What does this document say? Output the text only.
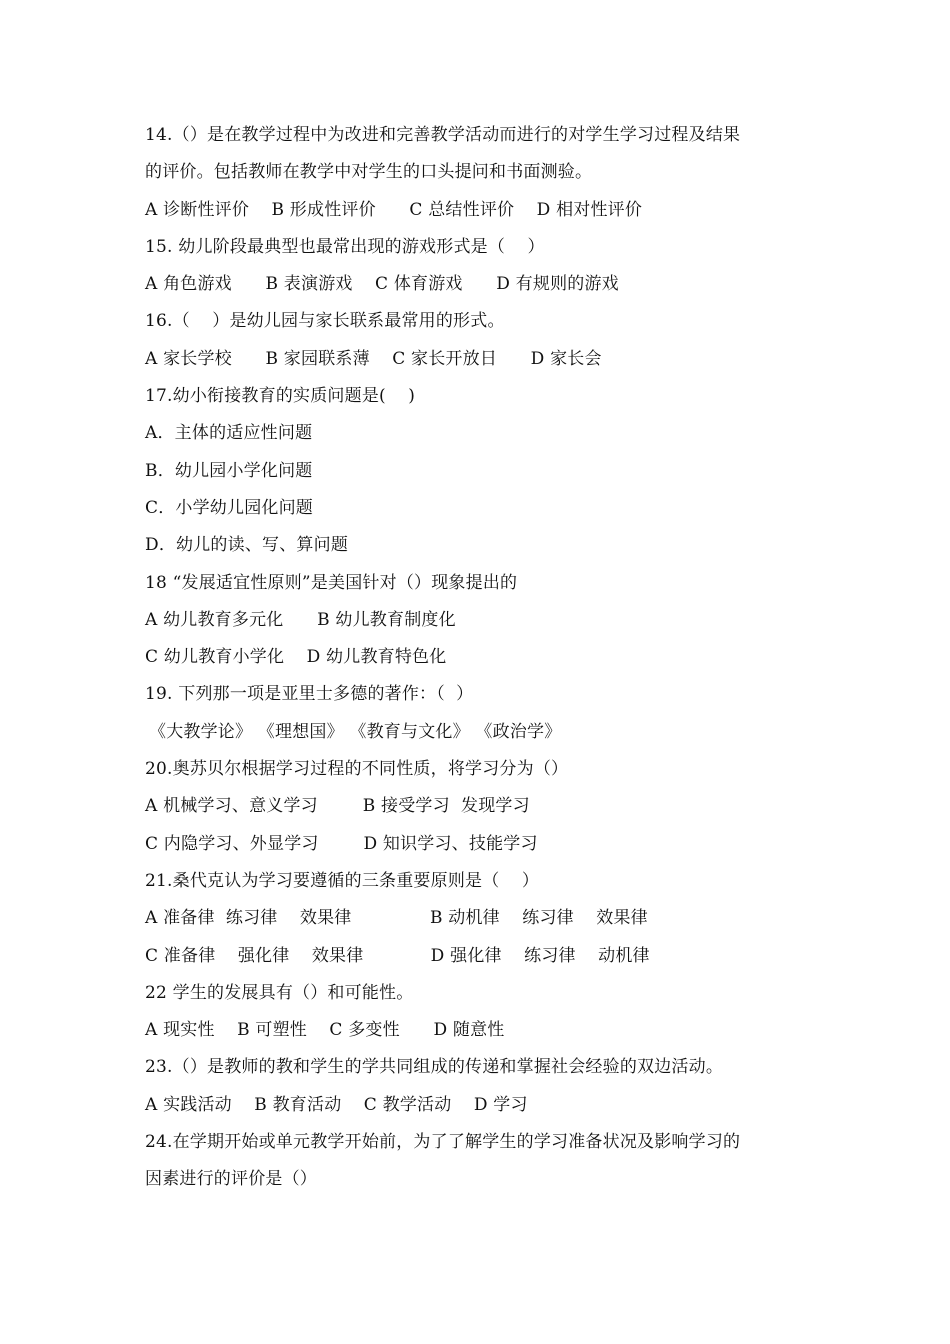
14.（）是在教学过程中为改进和完善教学活动而进行的对学生学习过程及结果
的评价。包括教师在教学中对学生的口头提问和书面测验。
A 诊断性评价    B 形成性评价      C 总结性评价    D 相对性评价
15. 幼儿阶段最典型也最常出现的游戏形式是（    ）
A 角色游戏      B 表演游戏    C 体育游戏      D 有规则的游戏
16.（    ）是幼儿园与家长联系最常用的形式。
A 家长学校      B 家园联系薄    C 家长开放日      D 家长会
17.幼小衔接教育的实质问题是(    )
A．主体的适应性问题
B．幼儿园小学化问题
C．小学幼儿园化问题
D．幼儿的读、写、算问题
18 “发展适宜性原则”是美国针对（）现象提出的
A 幼儿教育多元化      B 幼儿教育制度化
C 幼儿教育小学化    D 幼儿教育特色化
19. 下列那一项是亚里士多德的著作：（  ）
《大教学论》 《理想国》 《教育与文化》 《政治学》
20.奥苏贝尔根据学习过程的不同性质，将学习分为（）
A 机械学习、意义学习        B 接受学习  发现学习
C 内隐学习、外显学习        D 知识学习、技能学习
21.桑代克认为学习要遵循的三条重要原则是（    ）
A 准备律  练习律    效果律              B 动机律    练习律    效果律
C 准备律    强化律    效果律            D 强化律    练习律    动机律
22 学生的发展具有（）和可能性。
A 现实性    B 可塑性    C 多变性      D 随意性
23.（）是教师的教和学生的学共同组成的传递和掌握社会经验的双边活动。
A 实践活动    B 教育活动    C 教学活动    D 学习
24.在学期开始或单元教学开始前，为了了解学生的学习准备状况及影响学习的
因素进行的评价是（）
